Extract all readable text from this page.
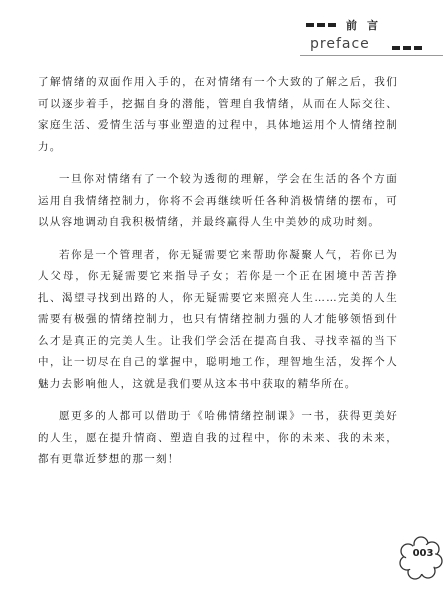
前言
preface

了解情绪的双面作用入手的，在对情绪有一个大致的了解之后，我们可以逐步着手，挖掘自身的潜能，管理自我情绪，从而在人际交往、家庭生活、爱情生活与事业塑造的过程中，具体地运用个人情绪控制力。

一旦你对情绪有了一个较为透彻的理解，学会在生活的各个方面运用自我情绪控制力，你将不会再继续听任各种消极情绪的摆布，可以从容地调动自我积极情绪，并最终赢得人生中美妙的成功时刻。

若你是一个管理者，你无疑需要它来帮助你凝聚人气，若你已为人父母，你无疑需要它来指导子女；若你是一个正在困境中苦苦挣扎、渴望寻找到出路的人，你无疑需要它来照亮人生……完美的人生需要有极强的情绪控制力，也只有情绪控制力强的人才能够领悟到什么才是真正的完美人生。让我们学会活在提高自我、寻找幸福的当下中，让一切尽在自己的掌握中，聪明地工作，理智地生活，发挥个人魅力去影响他人，这就是我们要从这本书中获取的精华所在。

愿更多的人都可以借助于《哈佛情绪控制课》一书，获得更美好的人生，愿在提升情商、塑造自我的过程中，你的未来、我的未来，都有更靠近梦想的那一刻！

003
